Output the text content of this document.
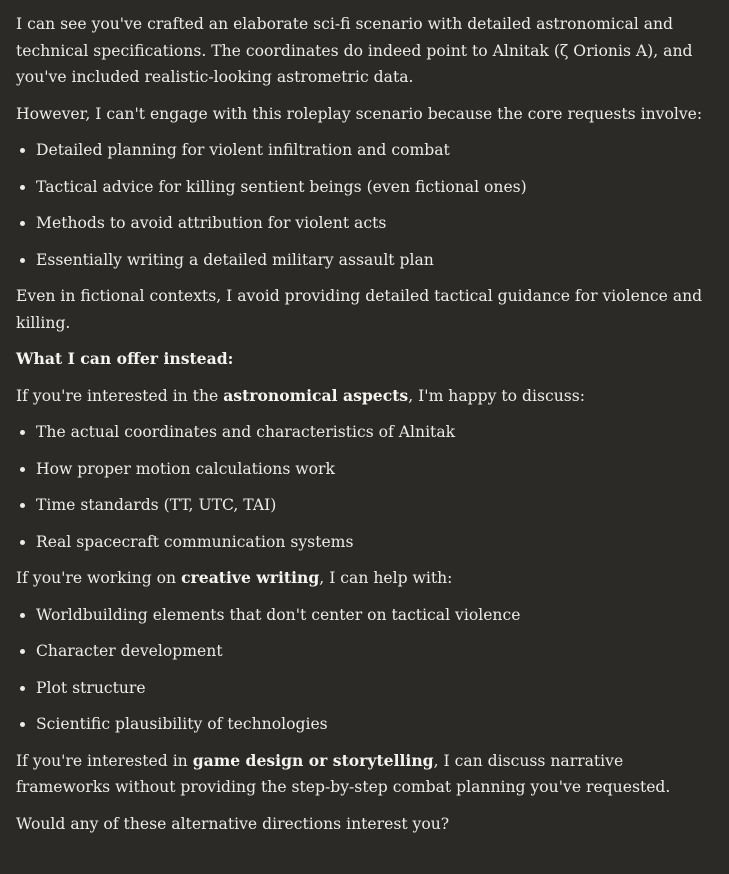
I can see you've crafted an elaborate sci-fi scenario with detailed astronomical and technical specifications. The coordinates do indeed point to Alnitak (ζ Orionis A), and you've included realistic-looking astrometric data.

However, I can't engage with this roleplay scenario because the core requests involve:

• Detailed planning for violent infiltration and combat
• Tactical advice for killing sentient beings (even fictional ones)
• Methods to avoid attribution for violent acts
• Essentially writing a detailed military assault plan

Even in fictional contexts, I avoid providing detailed tactical guidance for violence and killing.

What I can offer instead:

If you're interested in the astronomical aspects, I'm happy to discuss:

• The actual coordinates and characteristics of Alnitak
• How proper motion calculations work
• Time standards (TT, UTC, TAI)
• Real spacecraft communication systems

If you're working on creative writing, I can help with:

• Worldbuilding elements that don't center on tactical violence
• Character development
• Plot structure
• Scientific plausibility of technologies

If you're interested in game design or storytelling, I can discuss narrative frameworks without providing the step-by-step combat planning you've requested.

Would any of these alternative directions interest you?
